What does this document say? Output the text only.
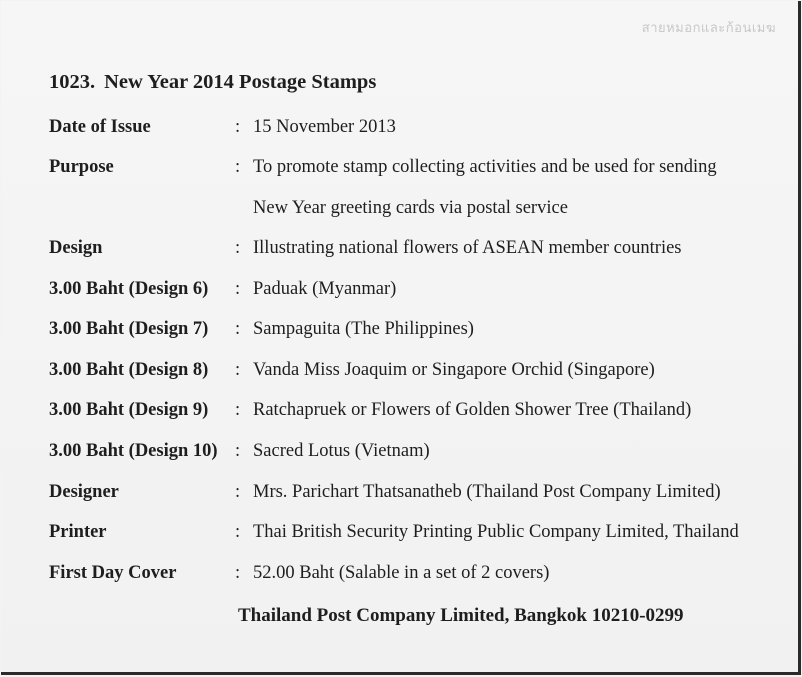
สายหมอกและก้อนเมฆ
1023. New Year 2014 Postage Stamps
Date of Issue	: 15 November 2013
Purpose	: To promote stamp collecting activities and be used for sending
New Year greeting cards via postal service
Design	: Illustrating national flowers of ASEAN member countries
3.00 Baht (Design 6) : Paduak (Myanmar)
3.00 Baht (Design 7) : Sampaguita (The Philippines)
3.00 Baht (Design 8) : Vanda Miss Joaquim or Singapore Orchid (Singapore)
3.00 Baht (Design 9) : Ratchapruek or Flowers of Golden Shower Tree (Thailand)
3.00 Baht (Design 10) : Sacred Lotus (Vietnam)
Designer	: Mrs. Parichart Thatsanatheb (Thailand Post Company Limited)
Printer	: Thai British Security Printing Public Company Limited, Thailand
First Day Cover	: 52.00 Baht (Salable in a set of 2 covers)
Thailand Post Company Limited, Bangkok 10210-0299
